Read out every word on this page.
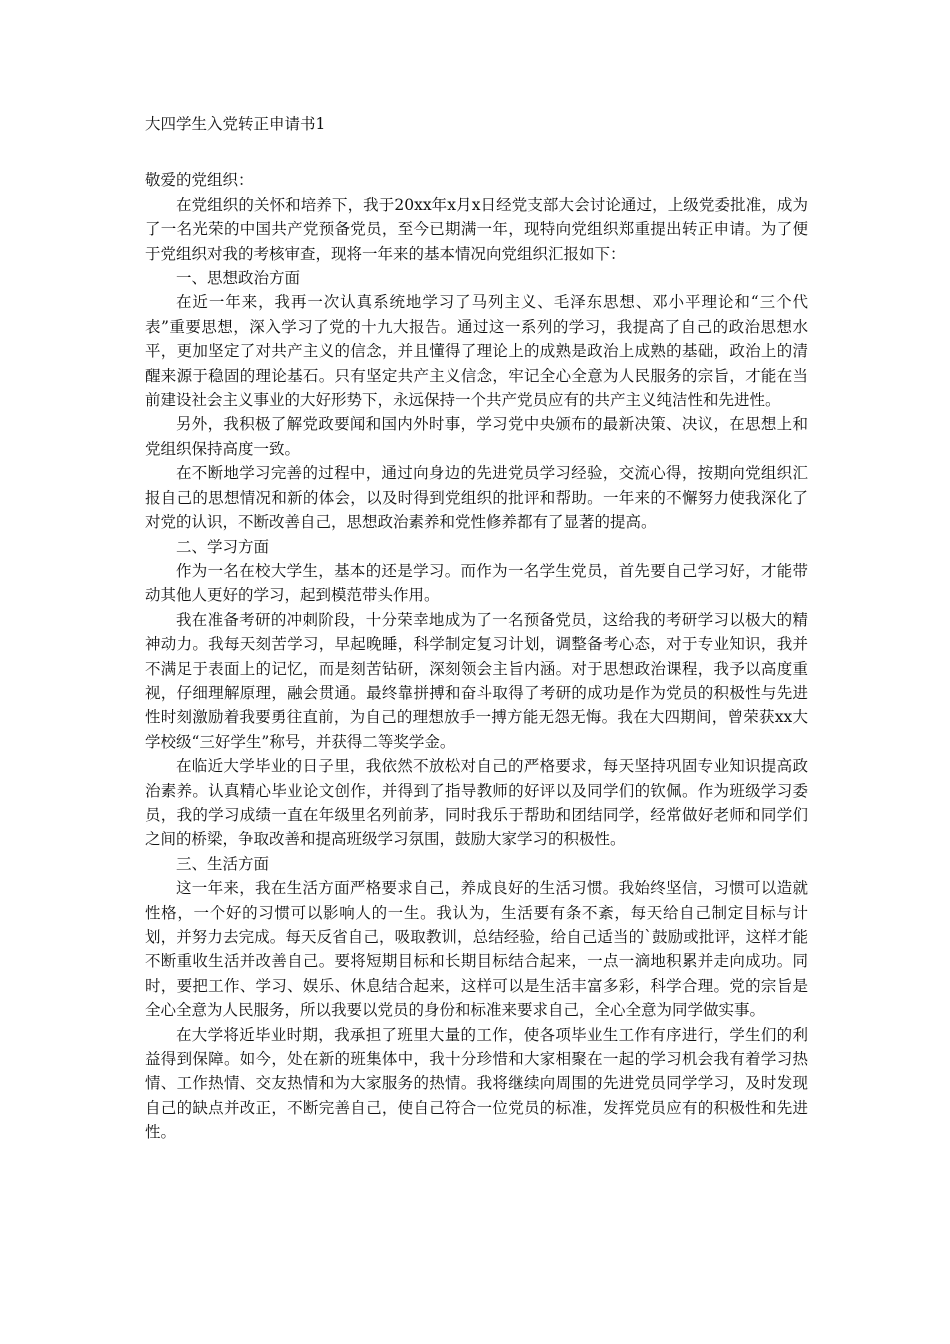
大四学生入党转正申请书1

敬爱的党组织：

在党组织的关怀和培养下，我于20xx年x月x日经党支部大会讨论通过，上级党委批准，成为了一名光荣的中国共产党预备党员，至今已期满一年，现特向党组织郑重提出转正申请。为了便于党组织对我的考核审查，现将一年来的基本情况向党组织汇报如下：

一、思想政治方面

在近一年来，我再一次认真系统地学习了马列主义、毛泽东思想、邓小平理论和“三个代表”重要思想，深入学习了党的十九大报告。通过这一系列的学习，我提高了自己的政治思想水平，更加坚定了对共产主义的信念，并且懂得了理论上的成熟是政治上成熟的基础，政治上的清醒来源于稳固的理论基石。只有坚定共产主义信念，牢记全心全意为人民服务的宗旨，才能在当前建设社会主义事业的大好形势下，永远保持一个共产党员应有的共产主义纯洁性和先进性。

另外，我积极了解党政要闻和国内外时事，学习党中央颁布的最新决策、决议，在思想上和党组织保持高度一致。

在不断地学习完善的过程中，通过向身边的先进党员学习经验，交流心得，按期向党组织汇报自己的思想情况和新的体会，以及时得到党组织的批评和帮助。一年来的不懈努力使我深化了对党的认识，不断改善自己，思想政治素养和党性修养都有了显著的提高。

二、学习方面

作为一名在校大学生，基本的还是学习。而作为一名学生党员，首先要自己学习好，才能带动其他人更好的学习，起到模范带头作用。

我在准备考研的冲刺阶段，十分荣幸地成为了一名预备党员，这给我的考研学习以极大的精神动力。我每天刻苦学习，早起晚睡，科学制定复习计划，调整备考心态，对于专业知识，我并不满足于表面上的记忆，而是刻苦钻研，深刻领会主旨内涵。对于思想政治课程，我予以高度重视，仔细理解原理，融会贯通。最终靠拼搏和奋斗取得了考研的成功是作为党员的积极性与先进性时刻激励着我要勇往直前，为自己的理想放手一搏方能无怨无悔。我在大四期间，曾荣获xx大学校级“三好学生”称号，并获得二等奖学金。

在临近大学毕业的日子里，我依然不放松对自己的严格要求，每天坚持巩固专业知识提高政治素养。认真精心毕业论文创作，并得到了指导教师的好评以及同学们的钦佩。作为班级学习委员，我的学习成绩一直在年级里名列前茅，同时我乐于帮助和团结同学，经常做好老师和同学们之间的桥梁，争取改善和提高班级学习氛围，鼓励大家学习的积极性。

三、生活方面

这一年来，我在生活方面严格要求自己，养成良好的生活习惯。我始终坚信，习惯可以造就性格，一个好的习惯可以影响人的一生。我认为，生活要有条不紊，每天给自己制定目标与计划，并努力去完成。每天反省自己，吸取教训，总结经验，给自己适当的`鼓励或批评，这样才能不断重收生活并改善自己。要将短期目标和长期目标结合起来，一点一滴地积累并走向成功。同时，要把工作、学习、娱乐、休息结合起来，这样可以是生活丰富多彩，科学合理。党的宗旨是全心全意为人民服务，所以我要以党员的身份和标准来要求自己，全心全意为同学做实事。

在大学将近毕业时期，我承担了班里大量的工作，使各项毕业生工作有序进行，学生们的利益得到保障。如今，处在新的班集体中，我十分珍惜和大家相聚在一起的学习机会我有着学习热情、工作热情、交友热情和为大家服务的热情。我将继续向周围的先进党员同学学习，及时发现自己的缺点并改正，不断完善自己，使自己符合一位党员的标准，发挥党员应有的积极性和先进性。
